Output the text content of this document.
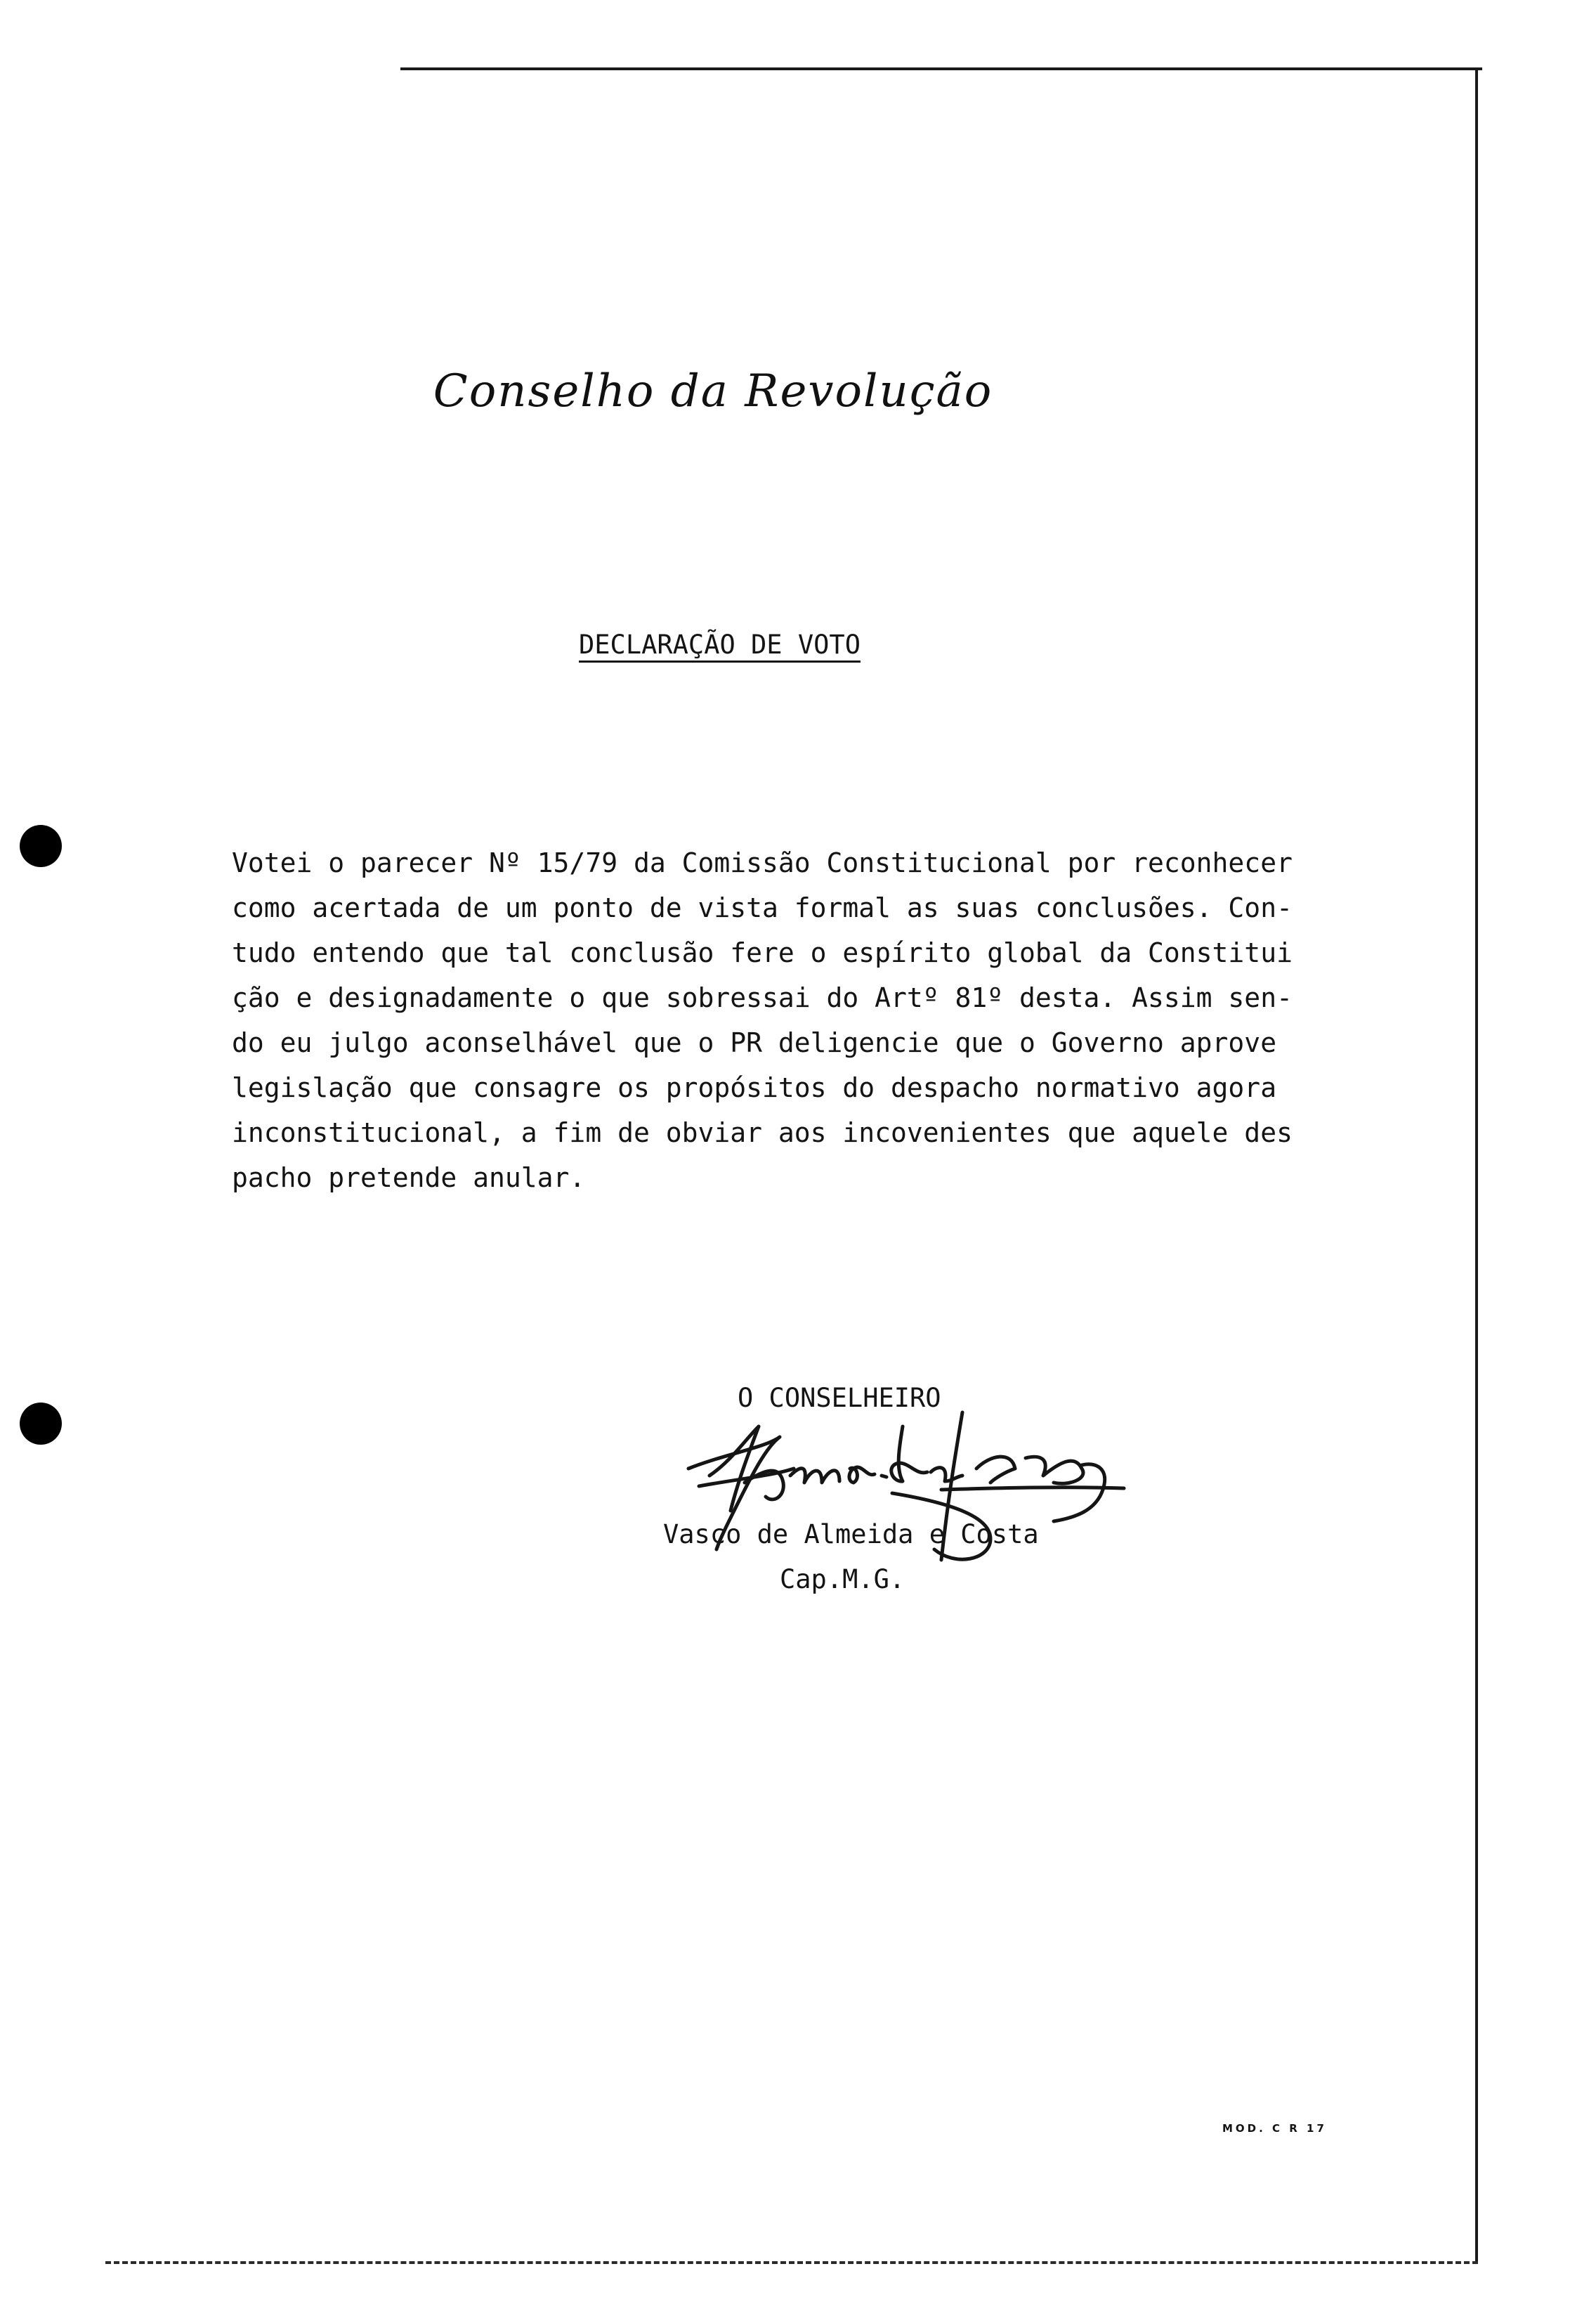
Conselho da Revolução
DECLARAÇÃO DE VOTO
Votei o parecer Nº 15/79 da Comissão Constitucional por reconhecer
como acertada de um ponto de vista formal as suas conclusões. Con-
tudo entendo que tal conclusão fere o espírito global da Constitui
ção e designadamente o que sobressai do Artº 81º desta. Assim sen-
do eu julgo aconselhável que o PR deligencie que o Governo aprove
legislação que consagre os propósitos do despacho normativo agora
inconstitucional, a fim de obviar aos incovenientes que aquele des
pacho pretende anular.
O CONSELHEIRO
Vasco de Almeida e Costa
Cap.M.G.
MOD. C R 17
